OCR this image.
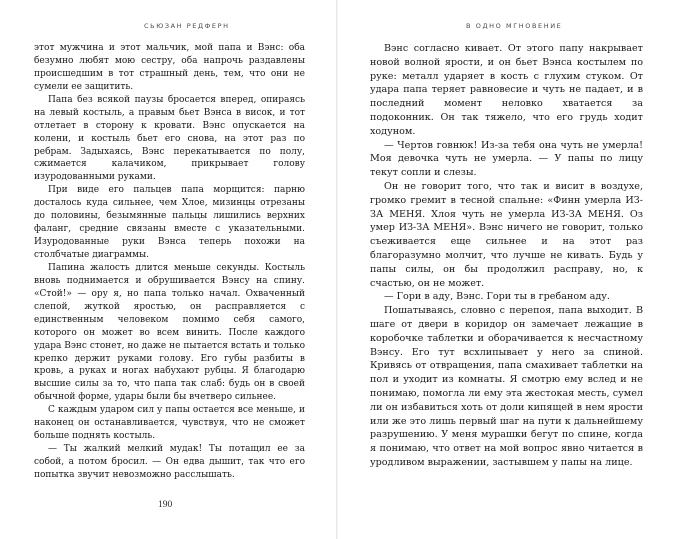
СЬЮЗАН РЕДФЕРН

этот мужчина и этот мальчик, мой папа и Вэнс: оба безумно любят мою сестру, оба напрочь раздавлены происшедшим в тот страшный день, тем, что они не сумели ее защитить.

Папа без всякой паузы бросается вперед, опираясь на левый костыль, а правым бьет Вэнса в висок, и тот отлетает в сторону к кровати. Вэнс опускается на колени, и костыль бьет его снова, на этот раз по ребрам. Задыхаясь, Вэнс перекатывается по полу, сжимается калачиком, прикрывает голову изуродованными руками.

При виде его пальцев папа морщится: парню досталось куда сильнее, чем Хлое, мизинцы отрезаны до половины, безымянные пальцы лишились верхних фаланг, средние связаны вместе с указательными. Изуродованные руки Вэнса теперь похожи на столбчатые диаграммы.

Папина жалость длится меньше секунды. Костыль вновь поднимается и обрушивается Вэнсу на спину. «Стой!» — ору я, но папа только начал. Охваченный слепой, жуткой яростью, он расправляется с единственным человеком помимо себя самого, которого он может во всем винить. После каждого удара Вэнс стонет, но даже не пытается встать и только крепко держит руками голову. Его губы разбиты в кровь, а руках и ногах набухают рубцы. Я благодарю высшие силы за то, что папа так слаб: будь он в своей обычной форме, удары были бы вчетверо сильнее.

С каждым ударом сил у папы остается все меньше, и наконец он останавливается, чувствуя, что не сможет больше поднять костыль.

— Ты жалкий мелкий мудак! Ты потащил ее за собой, а потом бросил. — Он едва дышит, так что его попытка звучит невозможно расслышать.

190
В ОДНО МГНОВЕНИЕ

Вэнс согласно кивает. От этого папу накрывает новой волной ярости, и он бьет Вэнса костылем по руке: металл ударяет в кость с глухим стуком. От удара папа теряет равновесие и чуть не падает, и в последний момент неловко хватается за подоконник. Он так тяжело, что его грудь ходит ходуном.

— Чертов говнюк! Из-за тебя она чуть не умерла! Моя девочка чуть не умерла. — У папы по лицу текут сопли и слезы.

Он не говорит того, что так и висит в воздухе, громко гремит в тесной спальне: «Финн умерла ИЗ-ЗА МЕНЯ. Хлоя чуть не умерла ИЗ-ЗА МЕНЯ. Оз умер ИЗ-ЗА МЕНЯ». Вэнс ничего не говорит, только съеживается еще сильнее и на этот раз благоразумно молчит, что лучше не кивать. Будь у папы силы, он бы продолжил расправу, но, к счастью, он не может.

— Гори в аду, Вэнс. Гори ты в гребаном аду.

Пошатываясь, словно с перепоя, папа выходит. В шаге от двери в коридор он замечает лежащие в коробочке таблетки и оборачивается к несчастному Вэнсу. Его тут всхлипывает у него за спиной. Кривясь от отвращения, папа смахивает таблетки на пол и уходит из комнаты. Я смотрю ему вслед и не понимаю, помогла ли ему эта жестокая месть, сумел ли он избавиться хоть от доли кипящей в нем ярости или же это лишь первый шаг на пути к дальнейшему разрушению. У меня мурашки бегут по спине, когда я понимаю, что ответ на мой вопрос явно читается в уродливом выражении, застывшем у папы на лице.
